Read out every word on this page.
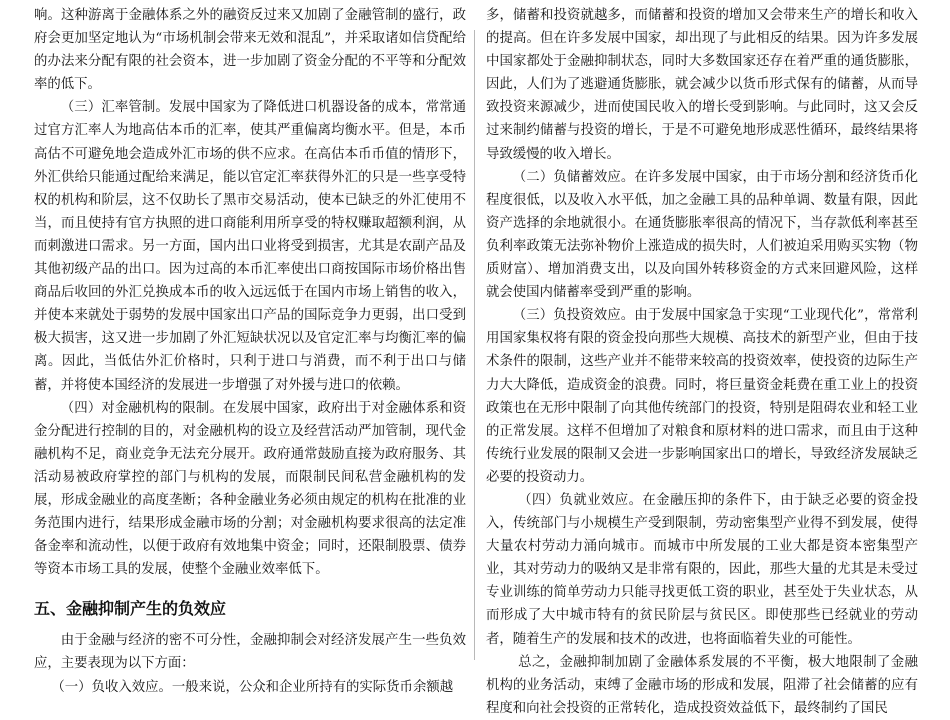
响。这种游离于金融体系之外的融资反过来又加剧了金融管制的盛行，政府会更加坚定地认为“市场机制会带来无效和混乱”，并采取诸如信贷配给的办法来分配有限的社会资本，进一步加剧了资金分配的不平等和分配效率的低下。

（三）汇率管制。发展中国家为了降低进口机器设备的成本，常常通过官方汇率人为地高估本币的汇率，使其严重偏离均衡水平。但是，本币高估不可避免地会造成外汇市场的供不应求。在高估本币币值的情形下，外汇供给只能通过配给来满足，能以官定汇率获得外汇的只是一些享受特权的机构和阶层，这不仅助长了黑市交易活动，使本已缺乏的外汇使用不当，而且使持有官方执照的进口商能利用所享受的特权赚取超额利润，从而刺激进口需求。另一方面，国内出口业将受到损害，尤其是农副产品及其他初级产品的出口。因为过高的本币汇率使出口商按国际市场价格出售商品后收回的外汇兑换成本币的收入远远低于在国内市场上销售的收入，并使本来就处于弱势的发展中国家出口产品的国际竞争力更弱，出口受到极大损害，这又进一步加剧了外汇短缺状况以及官定汇率与均衡汇率的偏离。因此，当低估外汇价格时，只利于进口与消费，而不利于出口与储蓄，并将使本国经济的发展进一步增强了对外援与进口的依赖。

（四）对金融机构的限制。在发展中国家，政府出于对金融体系和资金分配进行控制的目的，对金融机构的设立及经营活动严加管制，现代金融机构不足，商业竞争无法充分展开。政府通常鼓励直接为政府服务、其活动易被政府掌控的部门与机构的发展，而限制民间私营金融机构的发展，形成金融业的高度垄断；各种金融业务必须由规定的机构在批准的业务范围内进行，结果形成金融市场的分割；对金融机构要求很高的法定准备金率和流动性，以便于政府有效地集中资金；同时，还限制股票、债券等资本市场工具的发展，使整个金融业效率低下。

五、金融抑制产生的负效应

由于金融与经济的密不可分性，金融抑制会对经济发展产生一些负效应，主要表现为以下方面：

（一）负收入效应。一般来说，公众和企业所持有的实际货币余额越

多，储蓄和投资就越多，而储蓄和投资的增加又会带来生产的增长和收入的提高。但在许多发展中国家，却出现了与此相反的结果。因为许多发展中国家都处于金融抑制状态，同时大多数国家还存在着严重的通货膨胀，因此，人们为了逃避通货膨胀，就会减少以货币形式保有的储蓄，从而导致投资来源减少，进而使国民收入的增长受到影响。与此同时，这又会反过来制约储蓄与投资的增长，于是不可避免地形成恶性循环，最终结果将导致缓慢的收入增长。

（二）负储蓄效应。在许多发展中国家，由于市场分割和经济货币化程度很低，以及收入水平低，加之金融工具的品种单调、数量有限，因此资产选择的余地就很小。在通货膨胀率很高的情况下，当存款低利率甚至负利率政策无法弥补物价上涨造成的损失时，人们被迫采用购买实物（物质财富）、增加消费支出，以及向国外转移资金的方式来回避风险，这样就会使国内储蓄率受到严重的影响。

（三）负投资效应。由于发展中国家急于实现“工业现代化”，常常利用国家集权将有限的资金投向那些大规模、高技术的新型产业，但由于技术条件的限制，这些产业并不能带来较高的投资效率，使投资的边际生产力大大降低，造成资金的浪费。同时，将巨量资金耗费在重工业上的投资政策也在无形中限制了向其他传统部门的投资，特别是阻碍农业和轻工业的正常发展。这样不但增加了对粮食和原材料的进口需求，而且由于这种传统行业发展的限制又会进一步影响国家出口的增长，导致经济发展缺乏必要的投资动力。

（四）负就业效应。在金融压抑的条件下，由于缺乏必要的资金投入，传统部门与小规模生产受到限制，劳动密集型产业得不到发展，使得大量农村劳动力涌向城市。而城市中所发展的工业大都是资本密集型产业，其对劳动力的吸纳又是非常有限的，因此，那些大量的尤其是未受过专业训练的简单劳动力只能寻找更低工资的职业，甚至处于失业状态，从而形成了大中城市特有的贫民阶层与贫民区。即使那些已经就业的劳动者，随着生产的发展和技术的改进，也将面临着失业的可能性。

总之，金融抑制加剧了金融体系发展的不平衡，极大地限制了金融机构的业务活动，束缚了金融市场的形成和发展，阻滞了社会储蓄的应有程度和向社会投资的正常转化，造成投资效益低下，最终制约了国民
